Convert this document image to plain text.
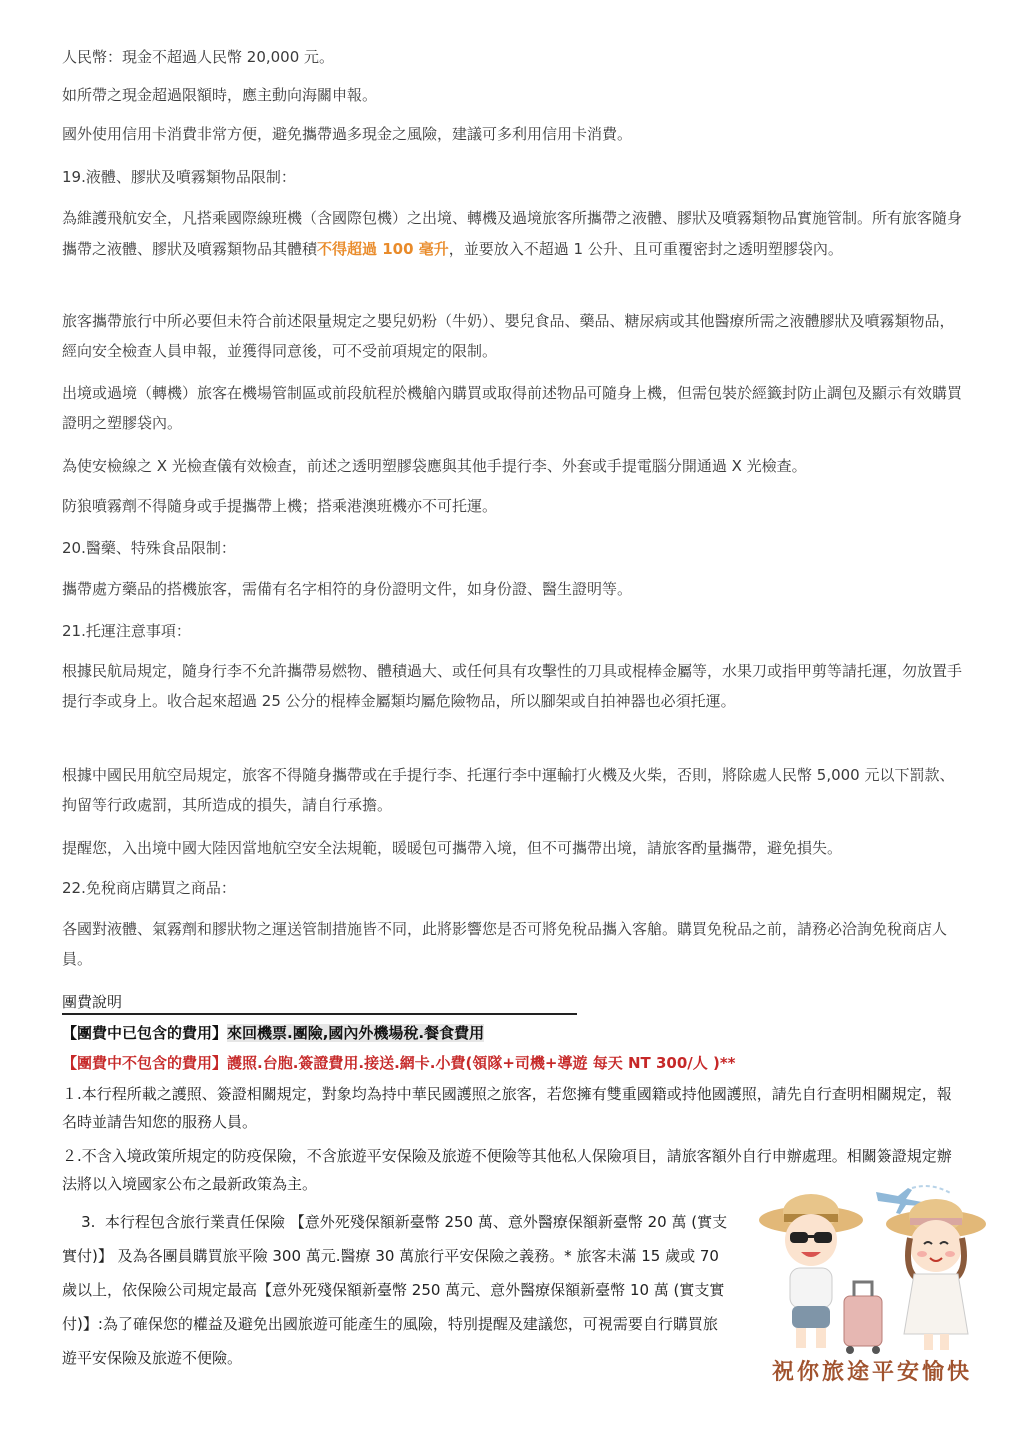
為維護飛航安全，凡搭乘國際線班機（含國際包機）之出境、轉機及過境旅客所攜帶之液體、膠狀及噴霧類物品實施管制。所有旅客隨身攜帶之液體、膠狀及噴霧類物品其體積不得超過 100 毫升，並要放入不超過 1 公升、且可重覆密封之透明塑膠袋內。

團費說明
【團費中已包含的費用】來回機票.團險,國內外機場稅.餐食費用
【團費中不包含的費用】護照.台胞.簽證費用.接送.網卡.小費(領隊+司機+導遊 每天 NT 300/人 )**
3.  本行程包含旅行業責任保險 【意外死殘保額新臺幣 250 萬、意外醫療保額新臺幣 20 萬 (實支實付)】 及為各團員購買旅平險 300 萬元.醫療 30 萬旅行平安保險之義務。* 旅客未滿 15 歲或 70 歲以上，依保險公司規定最高【意外死殘保額新臺幣 250 萬元、意外醫療保額新臺幣 10 萬 (實支實付)】:為了確保您的權益及避免出國旅遊可能產生的風險，特別提醒及建議您，可視需要自行購買旅遊平安保險及旅遊不便險。
祝你旅途平安愉快

人民幣：現金不超過人民幣 20,000 元。

如所帶之現金超過限額時，應主動向海關申報。

國外使用信用卡消費非常方便，避免攜帶過多現金之風險，建議可多利用信用卡消費。

19.液體、膠狀及噴霧類物品限制：

旅客攜帶旅行中所必要但未符合前述限量規定之嬰兒奶粉（牛奶）、嬰兒食品、藥品、糖尿病或其他醫療所需之液體膠狀及噴霧類物品，經向安全檢查人員申報，並獲得同意後，可不受前項規定的限制。

出境或過境（轉機）旅客在機場管制區或前段航程於機艙內購買或取得前述物品可隨身上機，但需包裝於經籤封防止調包及顯示有效購買證明之塑膠袋內。

為使安檢線之 X 光檢查儀有效檢查，前述之透明塑膠袋應與其他手提行李、外套或手提電腦分開通過 X 光檢查。

防狼噴霧劑不得隨身或手提攜帶上機；搭乘港澳班機亦不可托運。

20.醫藥、特殊食品限制：

攜帶處方藥品的搭機旅客，需備有名字相符的身份證明文件，如身份證、醫生證明等。

21.托運注意事項：

根據民航局規定，隨身行李不允許攜帶易燃物、體積過大、或任何具有攻擊性的刀具或棍棒金屬等，水果刀或指甲剪等請托運，勿放置手提行李或身上。收合起來超過 25 公分的棍棒金屬類均屬危險物品，所以腳架或自拍神器也必須托運。

根據中國民用航空局規定，旅客不得隨身攜帶或在手提行李、托運行李中運輸打火機及火柴，否則，將除處人民幣 5,000 元以下罰款、拘留等行政處罰，其所造成的損失，請自行承擔。

提醒您，入出境中國大陸因當地航空安全法規範，暖暖包可攜帶入境，但不可攜帶出境，請旅客酌量攜帶，避免損失。

22.免稅商店購買之商品：

各國對液體、氣霧劑和膠狀物之運送管制措施皆不同，此將影響您是否可將免稅品攜入客艙。購買免稅品之前，請務必洽詢免稅商店人員。

１.本行程所載之護照、簽證相關規定，對象均為持中華民國護照之旅客，若您擁有雙重國籍或持他國護照，請先自行查明相關規定，報名時並請告知您的服務人員。
２.不含入境政策所規定的防疫保險，不含旅遊平安保險及旅遊不便險等其他私人保險項目，請旅客額外自行申辦處理。相關簽證規定辦法將以入境國家公布之最新政策為主。
